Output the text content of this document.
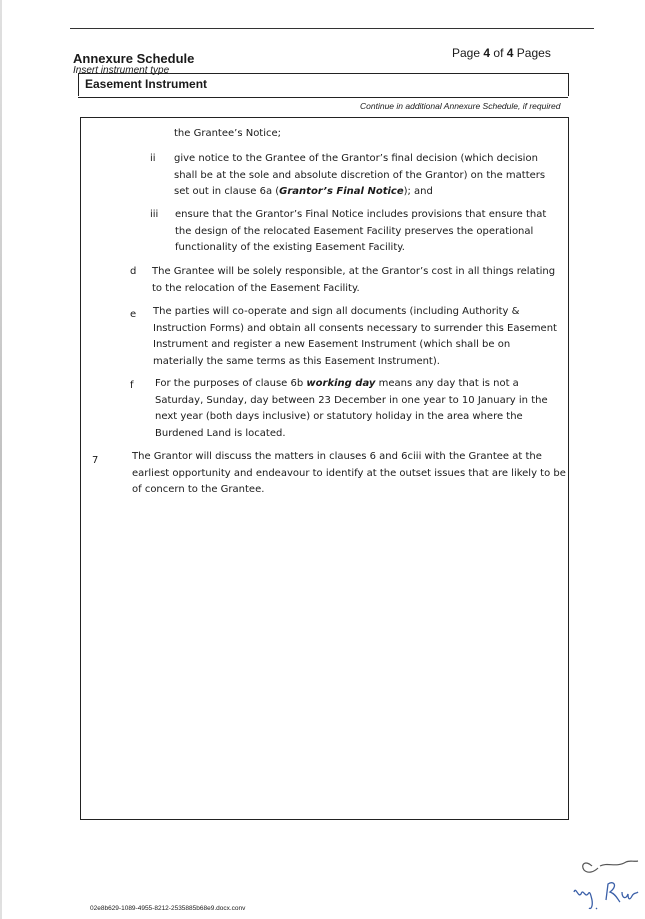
Annexure Schedule	Page 4 of 4 Pages
Insert instrument type
Easement Instrument
Continue in additional Annexure Schedule, if required
the Grantee’s Notice;
ii give notice to the Grantee of the Grantor’s final decision (which decision shall be at the sole and absolute discretion of the Grantor) on the matters set out in clause 6a (Grantor’s Final Notice); and
iii ensure that the Grantor’s Final Notice includes provisions that ensure that the design of the relocated Easement Facility preserves the operational functionality of the existing Easement Facility.
d The Grantee will be solely responsible, at the Grantor’s cost in all things relating to the relocation of the Easement Facility.
e The parties will co-operate and sign all documents (including Authority & Instruction Forms) and obtain all consents necessary to surrender this Easement Instrument and register a new Easement Instrument (which shall be on materially the same terms as this Easement Instrument).
f For the purposes of clause 6b working day means any day that is not a Saturday, Sunday, day between 23 December in one year to 10 January in the next year (both days inclusive) or statutory holiday in the area where the Burdened Land is located.
7	The Grantor will discuss the matters in clauses 6 and 6ciii with the Grantee at the earliest opportunity and endeavour to identify at the outset issues that are likely to be of concern to the Grantee.
02e8b629-1089-4955-8212-2535885b68e9.docx.conv
